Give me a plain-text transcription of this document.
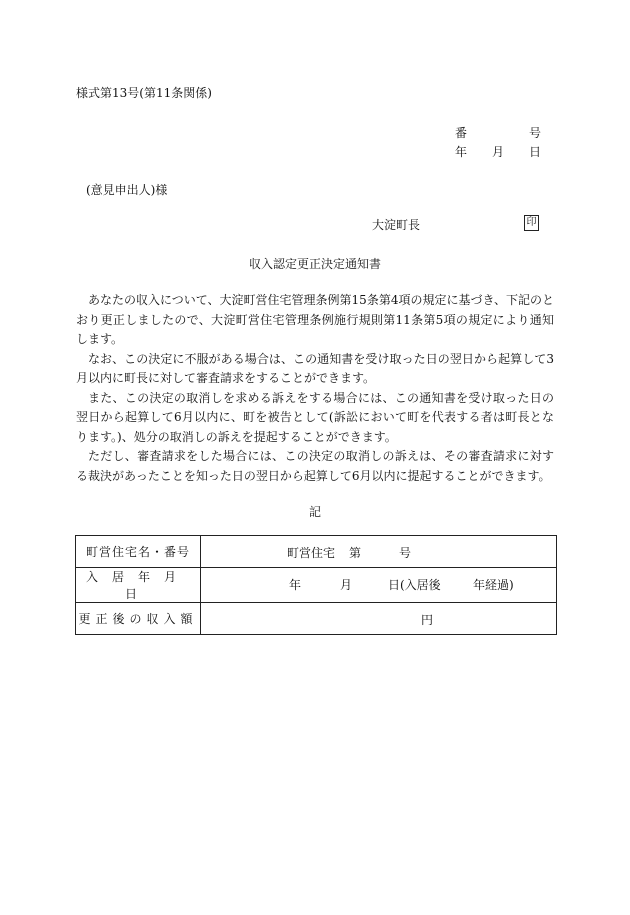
様式第13号(第11条関係)
番	号
年 月 日
(意見申出人)様
大淀町長	印
収入認定更正決定通知書

あなたの収入について、大淀町営住宅管理条例第15条第4項の規定に基づき、下記のとおり更正しましたので、大淀町営住宅管理条例施行規則第11条第5項の規定により通知します。

なお、この決定に不服がある場合は、この通知書を受け取った日の翌日から起算して3月以内に町長に対して審査請求をすることができます。

また、この決定の取消しを求める訴えをする場合には、この通知書を受け取った日の翌日から起算して6月以内に、町を被告として(訴訟において町を代表する者は町長となります。)、処分の取消しの訴えを提起することができます。

ただし、審査請求をした場合には、この決定の取消しの訴えは、その審査請求に対する裁決があったことを知った日の翌日から起算して6月以内に提起することができます。

記
町営住宅名・番号	町営住宅 第 号

入居年月日	年 月 日(入居後 年経過)

更正後の収入額	円
